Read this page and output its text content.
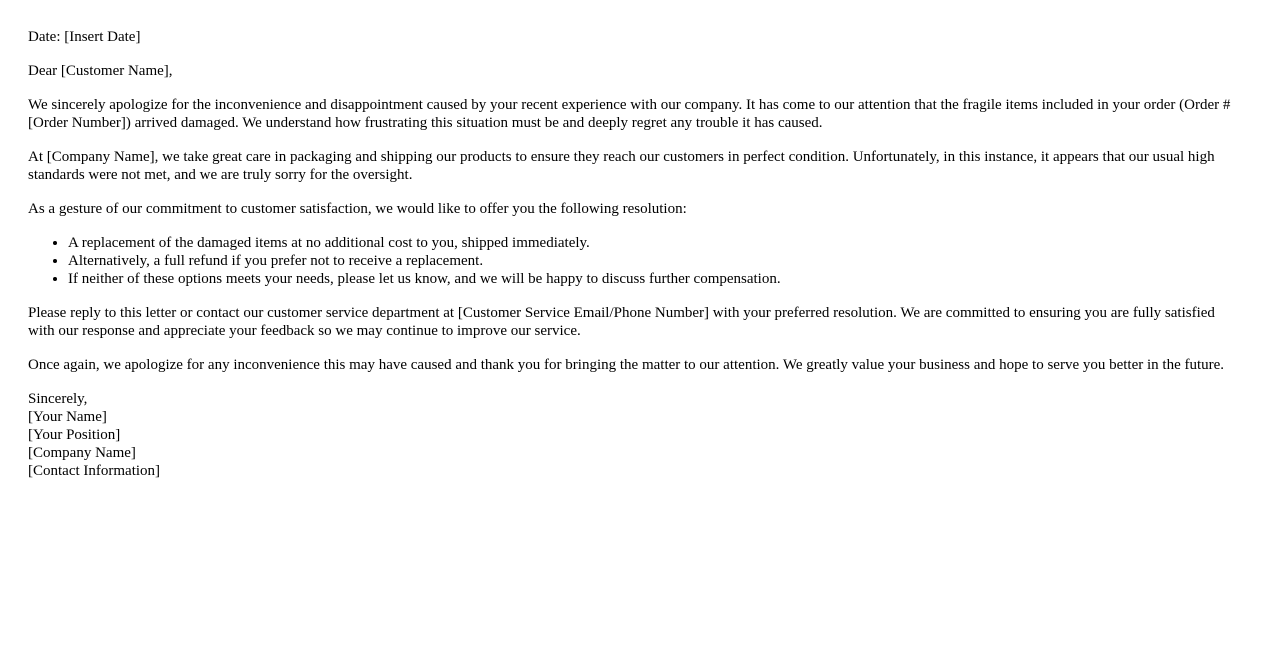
Date: [Insert Date]

Dear [Customer Name],

We sincerely apologize for the inconvenience and disappointment caused by your recent experience with our company. It has come to our attention that the fragile items included in your order (Order #[Order Number]) arrived damaged. We understand how frustrating this situation must be and deeply regret any trouble it has caused.

At [Company Name], we take great care in packaging and shipping our products to ensure they reach our customers in perfect condition. Unfortunately, in this instance, it appears that our usual high standards were not met, and we are truly sorry for the oversight.

As a gesture of our commitment to customer satisfaction, we would like to offer you the following resolution:

• A replacement of the damaged items at no additional cost to you, shipped immediately.
• Alternatively, a full refund if you prefer not to receive a replacement.
• If neither of these options meets your needs, please let us know, and we will be happy to discuss further compensation.

Please reply to this letter or contact our customer service department at [Customer Service Email/Phone Number] with your preferred resolution. We are committed to ensuring you are fully satisfied with our response and appreciate your feedback so we may continue to improve our service.

Once again, we apologize for any inconvenience this may have caused and thank you for bringing the matter to our attention. We greatly value your business and hope to serve you better in the future.

Sincerely,
[Your Name]
[Your Position]
[Company Name]
[Contact Information]
